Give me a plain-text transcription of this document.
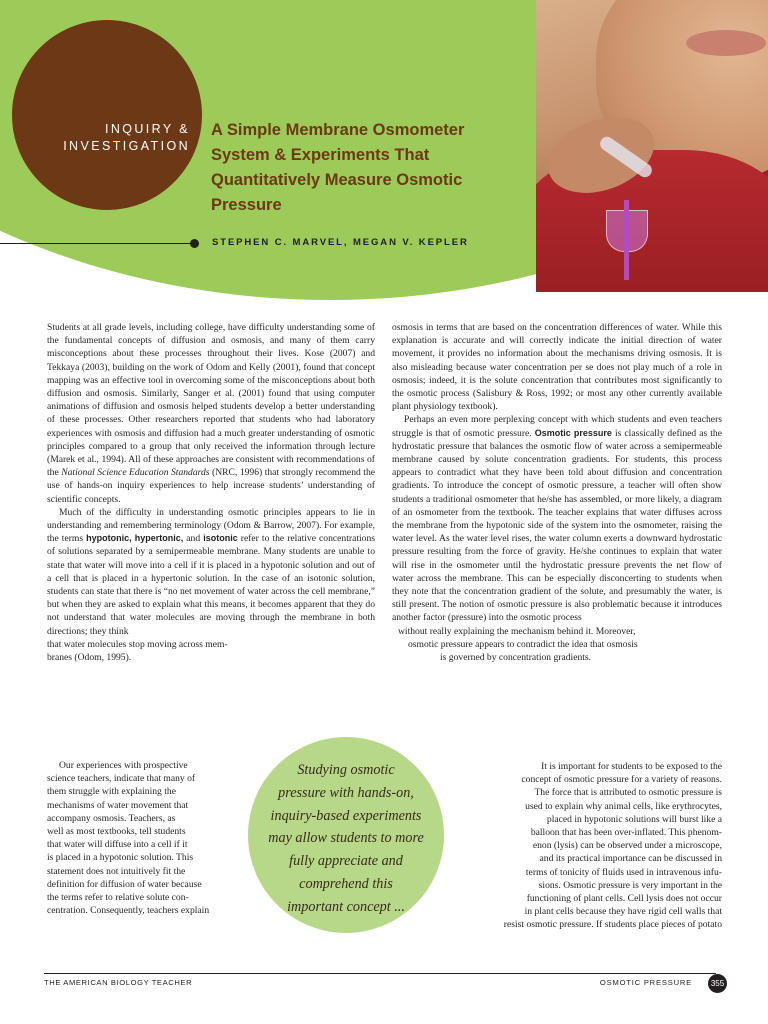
INQUIRY &
INVESTIGATION
A Simple Membrane Osmometer
System & Experiments That
Quantitatively Measure Osmotic
Pressure
STEPHEN C. MARVEL, MEGAN V. KEPLER

Students at all grade levels, including college, have difficulty understanding some of the fundamental concepts of diffusion and osmosis, and many of them carry misconceptions about these processes throughout their lives. Kose (2007) and Tekkaya (2003), building on the work of Odom and Kelly (2001), found that concept mapping was an effective tool in overcoming some of the misconceptions about both diffusion and osmosis. Similarly, Sanger et al. (2001) found that using computer animations of diffusion and osmosis helped students develop a better understanding of these processes. Other researchers reported that students who had laboratory experiences with osmosis and diffusion had a much greater understanding of osmotic principles compared to a group that only received the information through lecture (Marek et al., 1994). All of these approaches are consistent with recommendations of the National Science Education Standards (NRC, 1996) that strongly recommend the use of hands-on inquiry experiences to help increase students’ understanding of scientific concepts.

Much of the difficulty in understanding osmotic principles appears to lie in understanding and remembering terminology (Odom & Barrow, 2007). For example, the terms hypotonic, hypertonic, and isotonic refer to the relative concentrations of solutions separated by a semipermeable membrane. Many students are unable to state that water will move into a cell if it is placed in a hypotonic solution and out of a cell that is placed in a hypertonic solution. In the case of an isotonic solution, students can state that there is “no net movement of water across the cell membrane,” but when they are asked to explain what this means, it becomes apparent that they do not understand that water molecules are moving through the membrane in both directions; they think

that water molecules stop moving across mem-
branes (Odom, 1995).
Our experiences with prospective
science teachers, indicate that many of
them struggle with explaining the
mechanisms of water movement that
accompany osmosis. Teachers, as
well as most textbooks, tell students
that water will diffuse into a cell if it
is placed in a hypotonic solution. This
statement does not intuitively fit the
definition for diffusion of water because
the terms refer to relative solute con-
centration. Consequently, teachers explain

osmosis in terms that are based on the concentration differences of water. While this explanation is accurate and will correctly indicate the initial direction of water movement, it provides no information about the mechanisms driving osmosis. It is also misleading because water concentration per se does not play much of a role in osmosis; indeed, it is the solute concentration that contributes most significantly to the osmotic process (Salisbury & Ross, 1992; or most any other currently available plant physiology textbook).

Perhaps an even more perplexing concept with which students and even teachers struggle is that of osmotic pressure. Osmotic pressure is classically defined as the hydrostatic pressure that balances the osmotic flow of water across a semipermeable membrane caused by solute concentration gradients. For students, this process appears to contradict what they have been told about diffusion and concentration gradients. To introduce the concept of osmotic pressure, a teacher will often show students a traditional osmometer that he/she has assembled, or more likely, a diagram of an osmometer from the textbook. The teacher explains that water diffuses across the membrane from the hypotonic side of the system into the osmometer, raising the water level. As the water level rises, the water column exerts a downward hydrostatic pressure resulting from the force of gravity. He/she continues to explain that water will rise in the osmometer until the hydrostatic pressure prevents the net flow of water across the membrane. This can be especially disconcerting to students when they note that the concentration gradient of the solute, and presumably the water, is still present. The notion of osmotic pressure is also problematic because it introduces another factor (pressure) into the osmotic process

without really explaining the mechanism behind it. Moreover,
osmotic pressure appears to contradict the idea that osmosis
is governed by concentration gradients.
It is important for students to be exposed to the
concept of osmotic pressure for a variety of reasons.
The force that is attributed to osmotic pressure is
used to explain why animal cells, like erythrocytes,
placed in hypotonic solutions will burst like a
balloon that has been over-inflated. This phenom-
enon (lysis) can be observed under a microscope,
and its practical importance can be discussed in
terms of tonicity of fluids used in intravenous infu-
sions. Osmotic pressure is very important in the
functioning of plant cells. Cell lysis does not occur
in plant cells because they have rigid cell walls that
resist osmotic pressure. If students place pieces of potato
Studying osmotic
pressure with hands-on,
inquiry-based experiments
may allow students to more
fully appreciate and
comprehend this
important concept ...
THE AMERICAN BIOLOGY TEACHER	OSMOTIC PRESSURE	355
